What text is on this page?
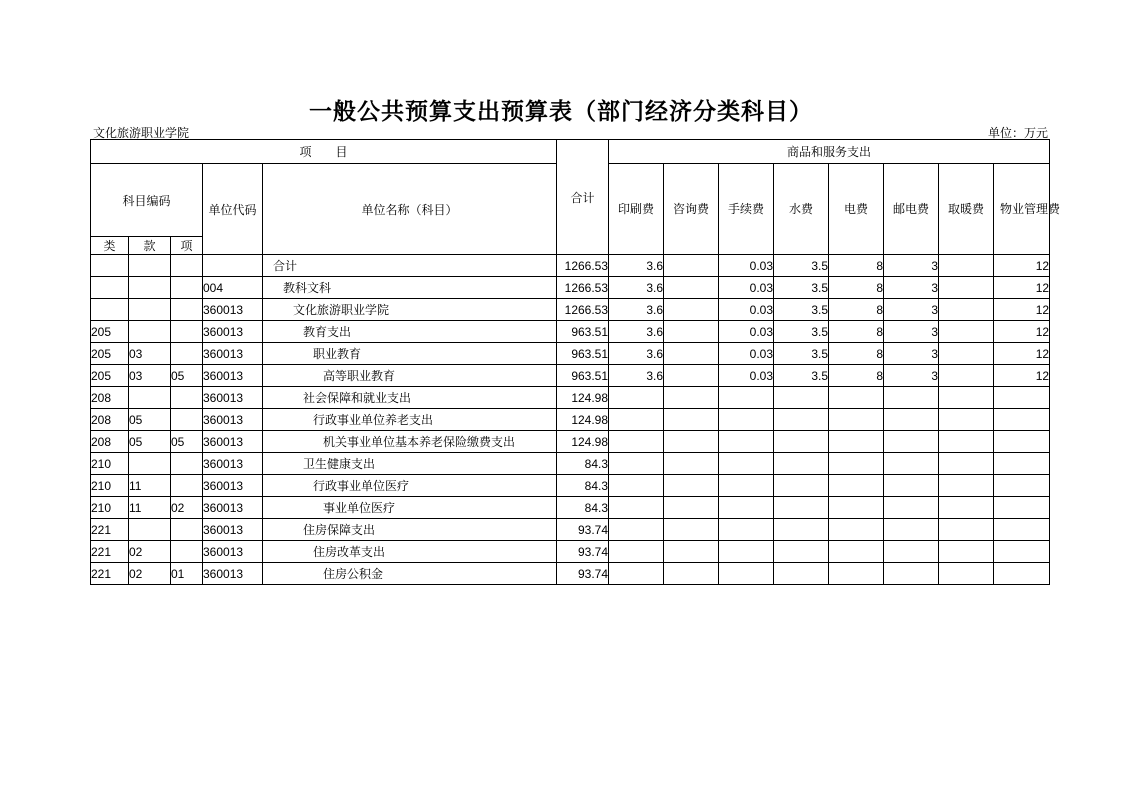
一般公共预算支出预算表（部门经济分类科目）
文化旅游职业学院	单位：万元
项　　目					合计	商品和服务支出							
科目编码			单位代码	单位名称（科目）		印刷费	咨询费	手续费	水费	电费	邮电费	取暖费	物业管理费
类	款	项											
				合计	1266.53	3.6		0.03	3.5	8	3		12
			004	教科文科	1266.53	3.6		0.03	3.5	8	3		12
			360013	文化旅游职业学院	1266.53	3.6		0.03	3.5	8	3		12
205			360013	教育支出	963.51	3.6		0.03	3.5	8	3		12
205	03		360013	职业教育	963.51	3.6		0.03	3.5	8	3		12
205	03	05	360013	高等职业教育	963.51	3.6		0.03	3.5	8	3		12
208			360013	社会保障和就业支出	124.98								
208	05		360013	行政事业单位养老支出	124.98								
208	05	05	360013	机关事业单位基本养老保险缴费支出	124.98								
210			360013	卫生健康支出	84.3								
210	11		360013	行政事业单位医疗	84.3								
210	11	02	360013	事业单位医疗	84.3								
221			360013	住房保障支出	93.74								
221	02		360013	住房改革支出	93.74								
221	02	01	360013	住房公积金	93.74								
